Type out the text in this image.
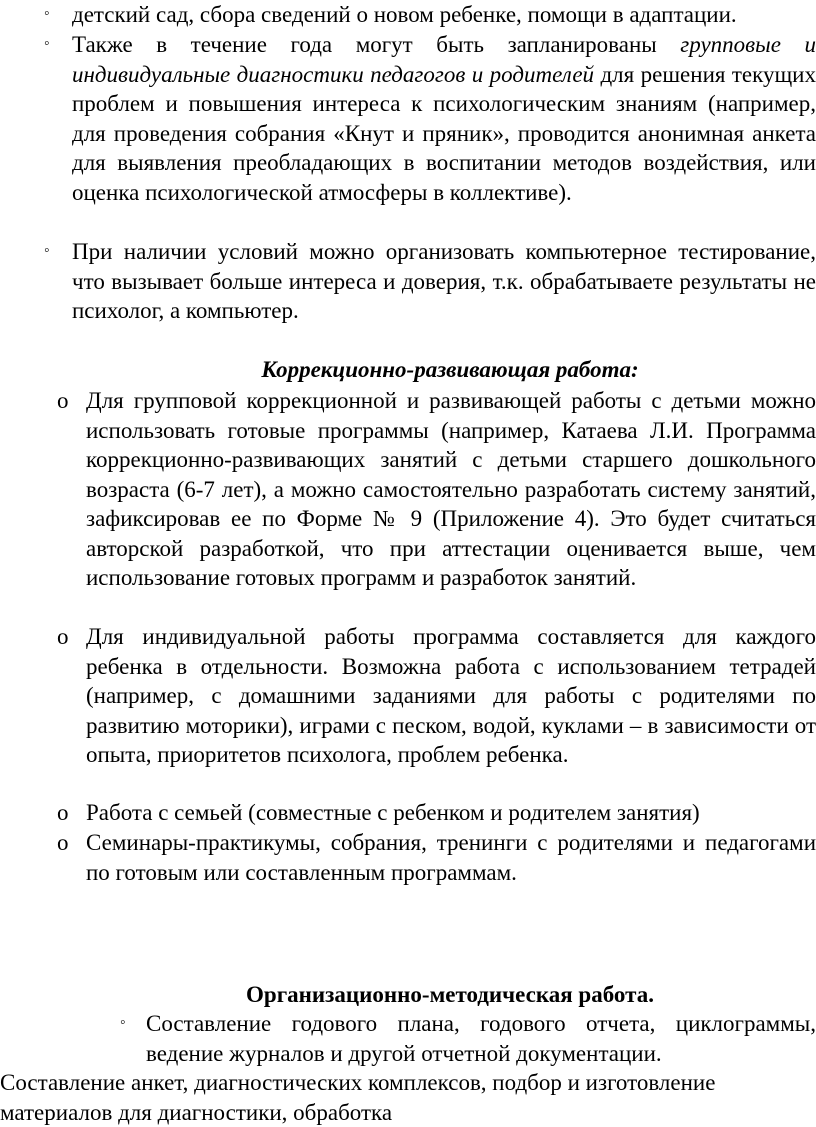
◦ детский сад, сбора сведений о новом ребенке, помощи в адаптации.
◦ Также в течение года могут быть запланированы групповые и индивидуальные диагностики педагогов и родителей для решения текущих проблем и повышения интереса к психологическим знаниям (например, для проведения собрания «Кнут и пряник», проводится анонимная анкета для выявления преобладающих в воспитании методов воздействия, или оценка психологической атмосферы в коллективе).
◦ При наличии условий можно организовать компьютерное тестирование, что вызывает больше интереса и доверия, т.к. обрабатываете результаты не психолог, а компьютер.
Коррекционно-развивающая работа:
o Для групповой коррекционной и развивающей работы с детьми можно использовать готовые программы (например, Катаева Л.И. Программа коррекционно-развивающих занятий с детьми старшего дошкольного возраста (6-7 лет), а можно самостоятельно разработать систему занятий, зафиксировав ее по Форме № 9 (Приложение 4). Это будет считаться авторской разработкой, что при аттестации оценивается выше, чем использование готовых программ и разработок занятий.
o Для индивидуальной работы программа составляется для каждого ребенка в отдельности. Возможна работа с использованием тетрадей (например, с домашними заданиями для работы с родителями по развитию моторики), играми с песком, водой, куклами – в зависимости от опыта, приоритетов психолога, проблем ребенка.
o Работа с семьей (совместные с ребенком и родителем занятия)
o Семинары-практикумы, собрания, тренинги с родителями и педагогами по готовым или составленным программам.
Организационно-методическая работа.
◦ Составление годового плана, годового отчета, циклограммы, ведение журналов и другой отчетной документации.
Составление анкет, диагностических комплексов, подбор и изготовление материалов для диагностики, обработка
